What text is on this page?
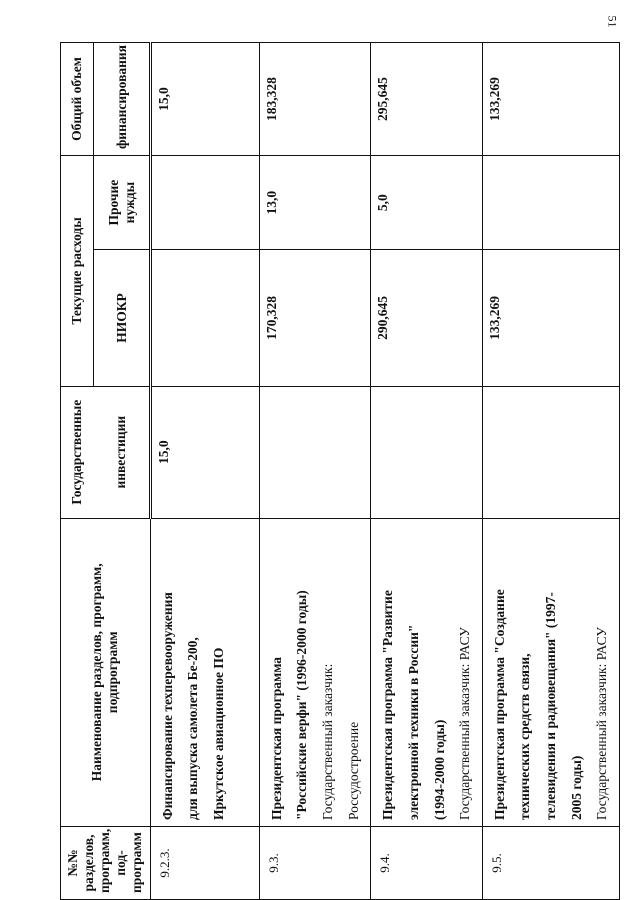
51
№№ разделов, программ, под-программ	Наименование разделов, программ, подпрограмм	Государственные	Текущие расходы		Общий объем
		инвестиции	НИОКР	Прочие нужды	финансирования
9.2.3.	Финансирование техперевооружения для выпуска самолета Бе-200, Иркутское авиационное ПО	15,0			15,0
9.3.	Президентская программа "Российские верфи" (1996-2000 годы) Государственный заказчик: Россудостроение		170,328	13,0	183,328
9.4.	Президентская программа "Развитие электронной техники в России" (1994-2000 годы) Государственный заказчик: РАСУ		290,645	5,0	295,645
9.5.	Президентская программа "Создание технических средств связи, телевидения и радиовещания" (1997- 2005 годы) Государственный заказчик: РАСУ		133,269		133,269
